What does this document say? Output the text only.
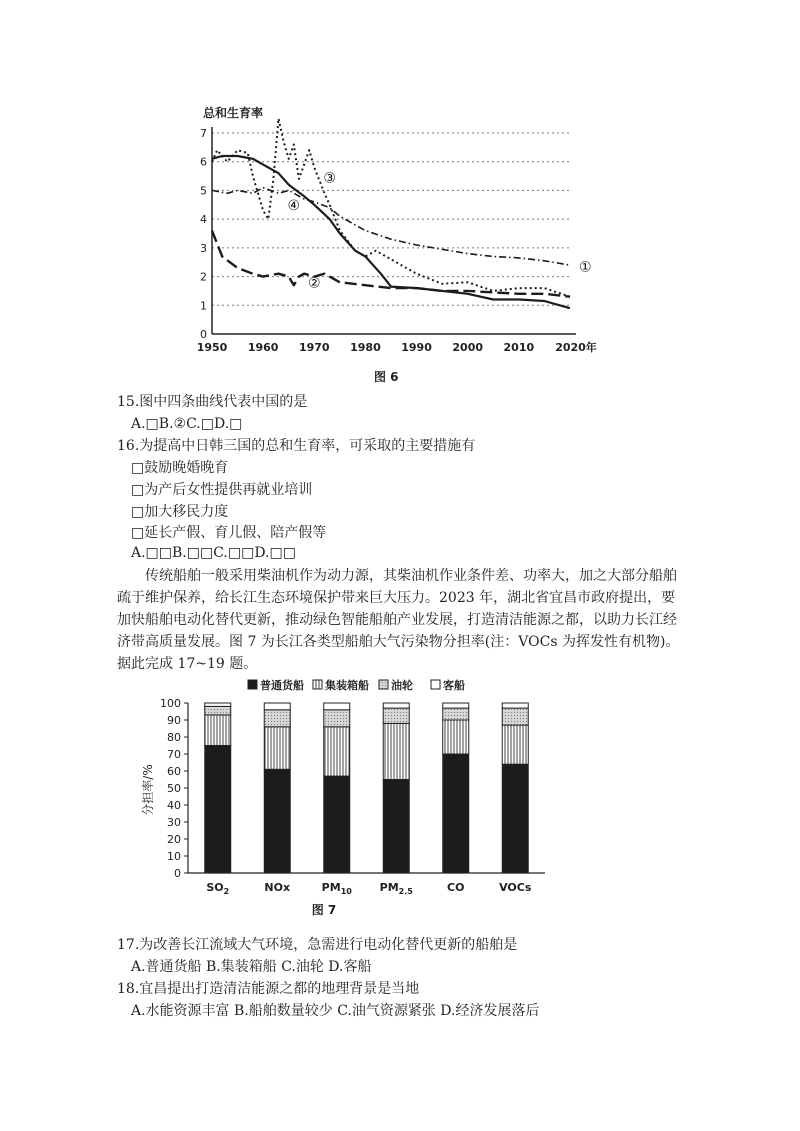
总和生育率
0
1
2
3
4
5
6
7
1950 1960 1970 1980 1990 2000 2010 2020年
①
②
③
④
图 6
15.图中四条曲线代表中国的是
A.□B.②C.□D.□
16.为提高中日韩三国的总和生育率，可采取的主要措施有
□鼓励晚婚晚育
□为产后女性提供再就业培训
□加大移民力度
□延长产假、育儿假、陪产假等
A.□□B.□□C.□□D.□□
传统船舶一般采用柴油机作为动力源，其柴油机作业条件差、功率大，加之大部分船舶
疏于维护保养，给长江生态环境保护带来巨大压力。2023 年，湖北省宜昌市政府提出，要
加快船舶电动化替代更新，推动绿色智能船舶产业发展，打造清洁能源之都，以助力长江经
济带高质量发展。图 7 为长江各类型船舶大气污染物分担率(注：VOCs 为挥发性有机物)。
据此完成 17~19 题。
普通货船 集装箱船 油轮	客船
0
10
20
30
40
50
60
70
80
90
100
$SO_2$	NOx	$PM_{10}$	$PM_{2.5}$	CO	VOCs
分担率/%
图 7
17.为改善长江流域大气环境，急需进行电动化替代更新的船舶是
A.普通货船 B.集装箱船 C.油轮 D.客船
18.宜昌提出打造清洁能源之都的地理背景是当地
A.水能资源丰富 B.船舶数量较少 C.油气资源紧张 D.经济发展落后
